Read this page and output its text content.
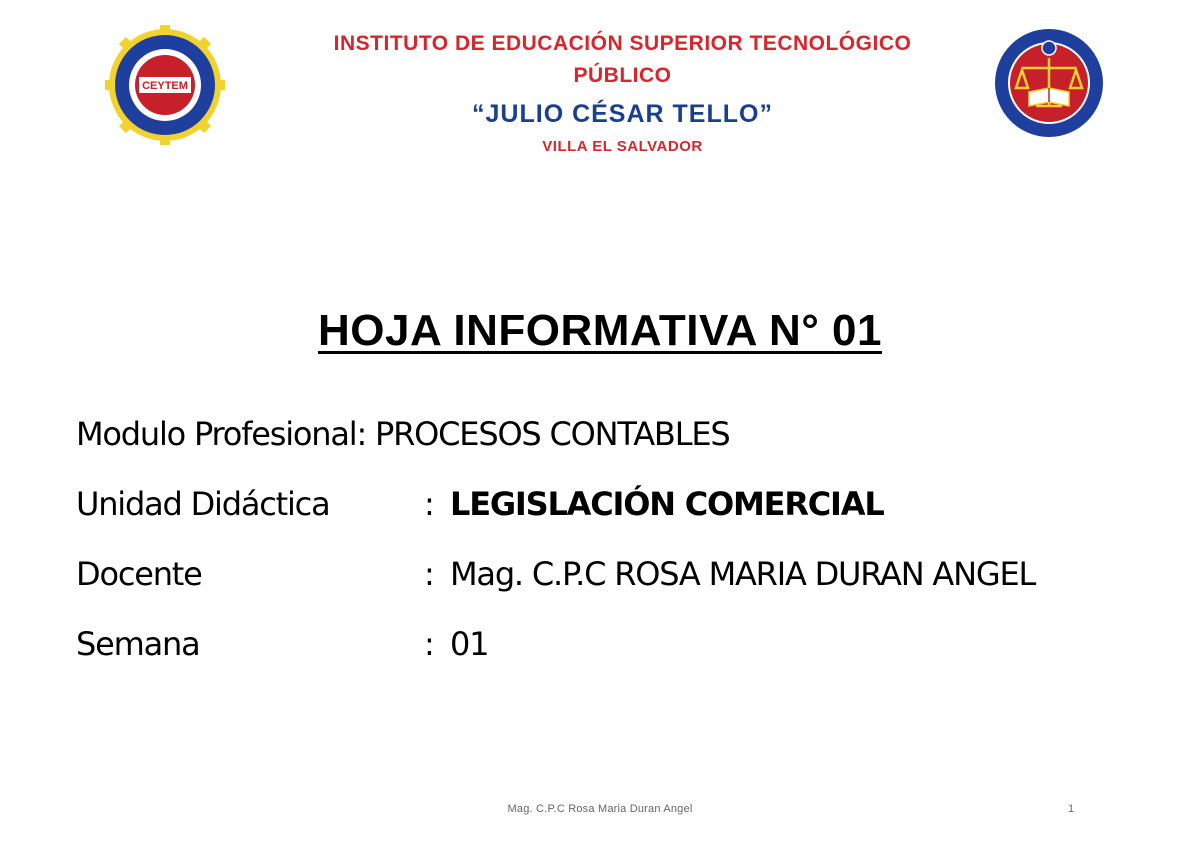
CEYTEM
INSTITUTO DE EDUCACIÓN SUPERIOR TECNOLÓGICO
PÚBLICO
“JULIO CÉSAR TELLO”
VILLA EL SALVADOR
HOJA INFORMATIVA N° 01
Modulo Profesional: PROCESOS CONTABLES
Unidad Didáctica	: LEGISLACIÓN COMERCIAL
Docente	: Mag. C.P.C ROSA MARIA DURAN ANGEL
Semana	: 01
Mag. C.P.C Rosa Maria Duran Angel	1
